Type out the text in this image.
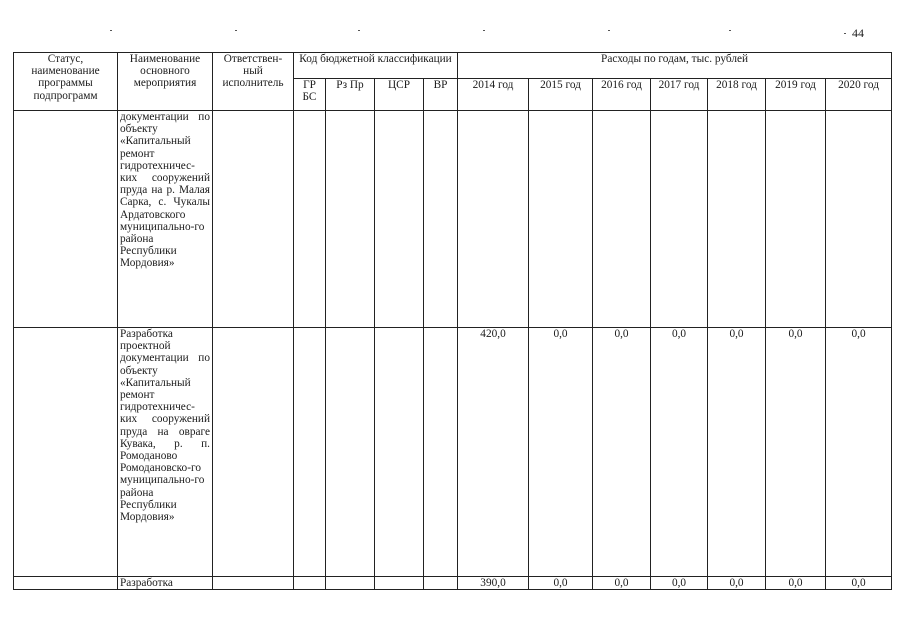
44
Статус, наименование программы подпрограмм	Наименование основного мероприятия	Ответствен-ный исполнитель	Код бюджетной классификации				Расходы по годам, тыс. рублей						
			ГР БС	Рз Пр	ЦСР	ВР	2014 год	2015 год	2016 год	2017 год	2018 год	2019 год	2020 год
	документации по объекту «Капитальный ремонт гидротехничес-ких сооружений пруда на р. Малая Сарка, с. Чукалы Ардатовского муниципально-го района Республики Мордовия»												
	Разработка проектной документации по объекту «Капитальный ремонт гидротехничес-ких сооружений пруда на овраге Кувака, р. п. Ромоданово Ромодановско-го муниципально-го района Республики Мордовия»						420,0	0,0	0,0	0,0	0,0	0,0	0,0
	Разработка						390,0	0,0	0,0	0,0	0,0	0,0	0,0
